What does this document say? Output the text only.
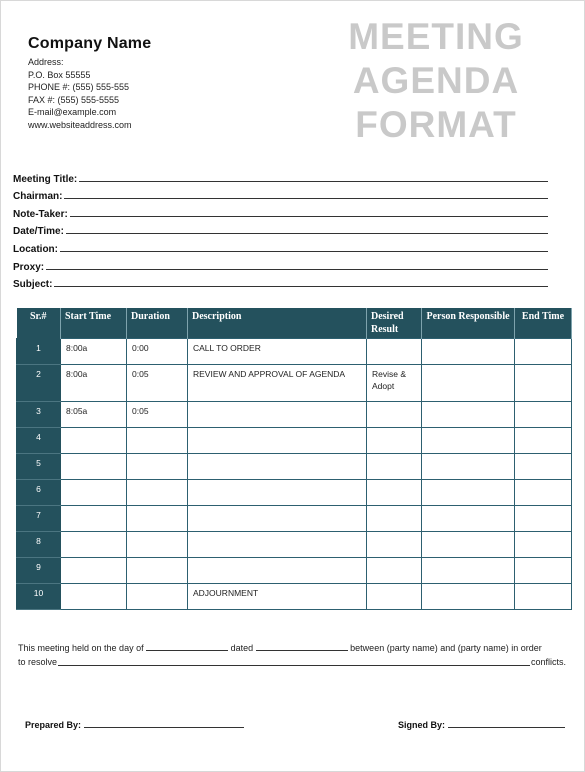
Company Name
Address:
P.O. Box 55555
PHONE #: (555) 555-555
FAX #: (555) 555-5555
E-mail@example.com
www.websiteaddress.com
MEETING
AGENDA
FORMAT
Meeting Title:
Chairman:
Note-Taker:
Date/Time:
Location:
Proxy:
Subject:
Sr.#	Start Time	Duration	Description	Desired Result	Person Responsible	End Time
1	8:00a	0:00	CALL TO ORDER			
2	8:00a	0:05	REVIEW AND APPROVAL OF AGENDA	Revise & Adopt		
3	8:05a	0:05				
4						
5						
6						
7						
8						
9						
10			ADJOURNMENT			
This meeting held on the day of	dated	between (party name) and (party name) in order
to resolve	conflicts.
Prepared By:	Signed By:
